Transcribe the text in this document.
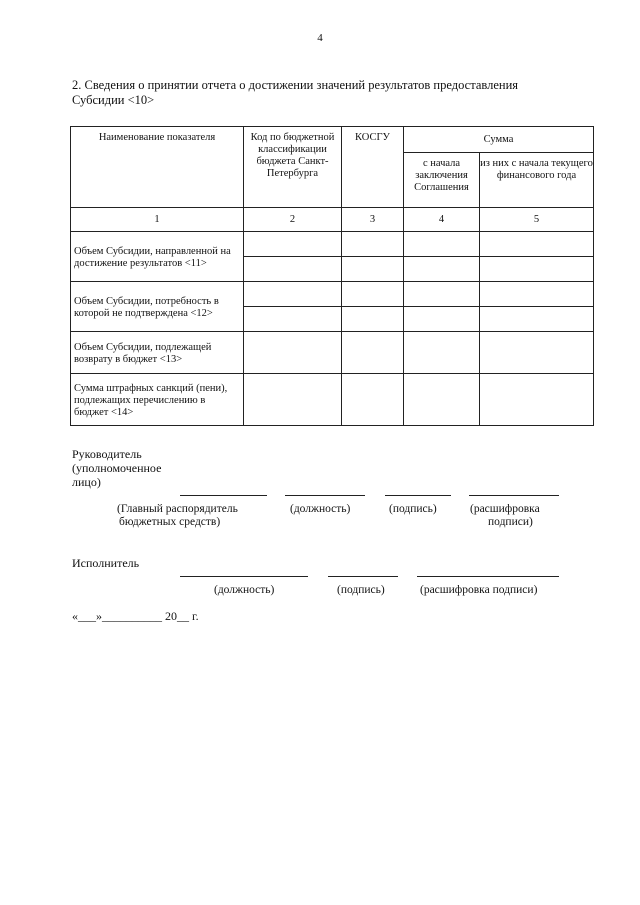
4
2. Сведения о принятии отчета о достижении значений результатов предоставления
Субсидии <10>
Наименование показателя	Код по бюджетной классификации бюджета Санкт-Петербурга	КОСГУ	Сумма	
			с начала заключения Соглашения	из них с начала текущего финансового года
1	2	3	4	5
Объем Субсидии, направленной на достижение результатов <11>				

Объем Субсидии, потребность в которой не подтверждена <12>				

Объем Субсидии, подлежащей возврату в бюджет <13>				
Сумма штрафных санкций (пени), подлежащих перечислению в бюджет <14>				
Руководитель
(уполномоченное
лицо)
(Главный распорядитель
бюджетных средств)
(должность)	(подпись)	(расшифровка
подписи)
Исполнитель
(должность)	(подпись)	(расшифровка подписи)
«___»__________ 20__ г.
